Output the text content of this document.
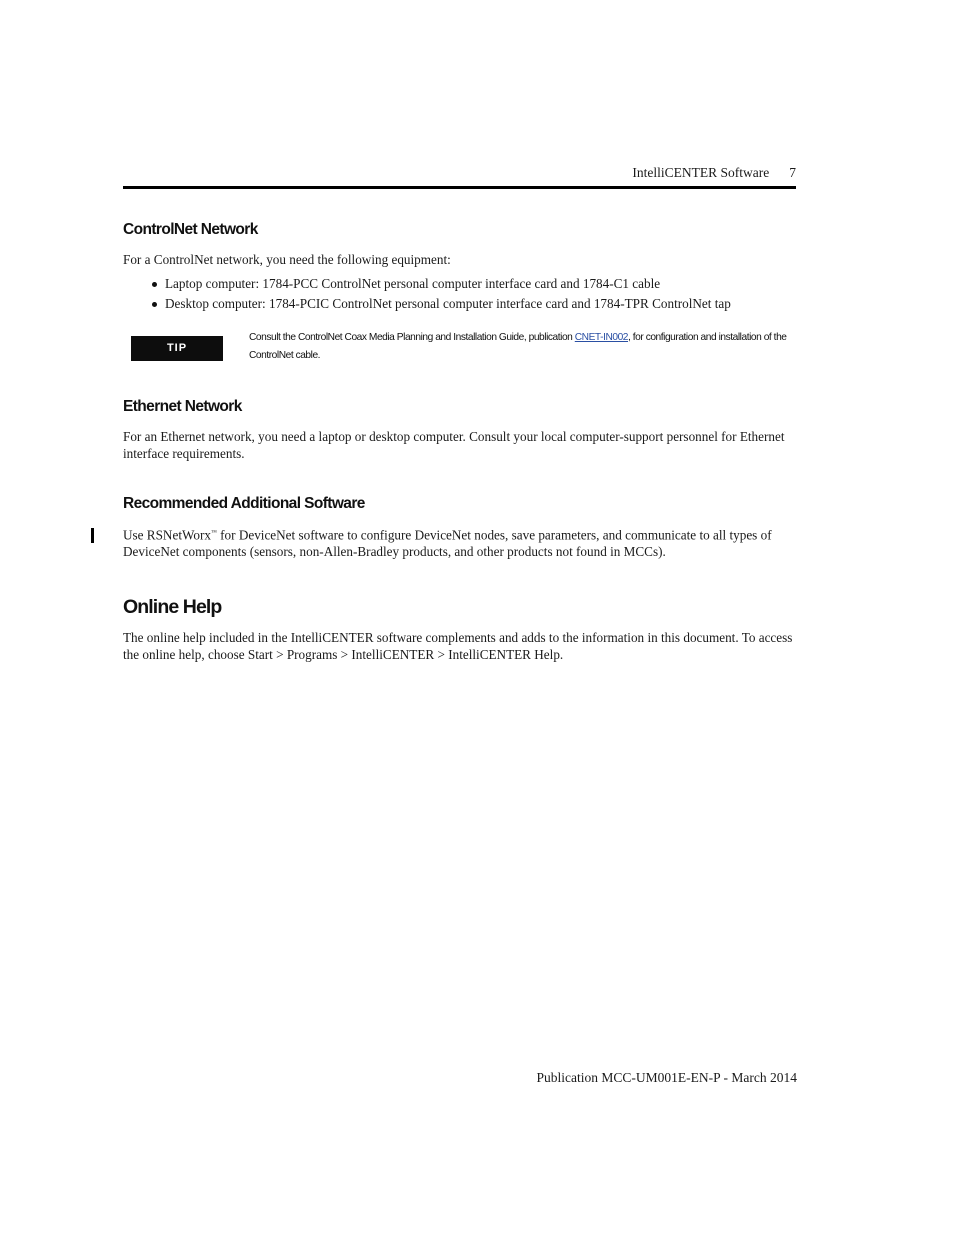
IntelliCENTER Software 7
ControlNet Network

For a ControlNet network, you need the following equipment:

Laptop computer: 1784-PCC ControlNet personal computer interface card and 1784-C1 cable
Desktop computer: 1784-PCIC ControlNet personal computer interface card and 1784-TPR ControlNet tap
TIP

Consult the ControlNet Coax Media Planning and Installation Guide, publication CNET-IN002, for configuration and installation of the ControlNet cable.

Ethernet Network

For an Ethernet network, you need a laptop or desktop computer. Consult your local computer-support personnel for Ethernet interface requirements.

Recommended Additional Software

Use RSNetWorx™ for DeviceNet software to configure DeviceNet nodes, save parameters, and communicate to all types of DeviceNet components (sensors, non-Allen-Bradley products, and other products not found in MCCs).

Online Help

The online help included in the IntelliCENTER software complements and adds to the information in this document. To access the online help, choose Start > Programs > IntelliCENTER > IntelliCENTER Help.

Publication MCC-UM001E-EN-P - March 2014
